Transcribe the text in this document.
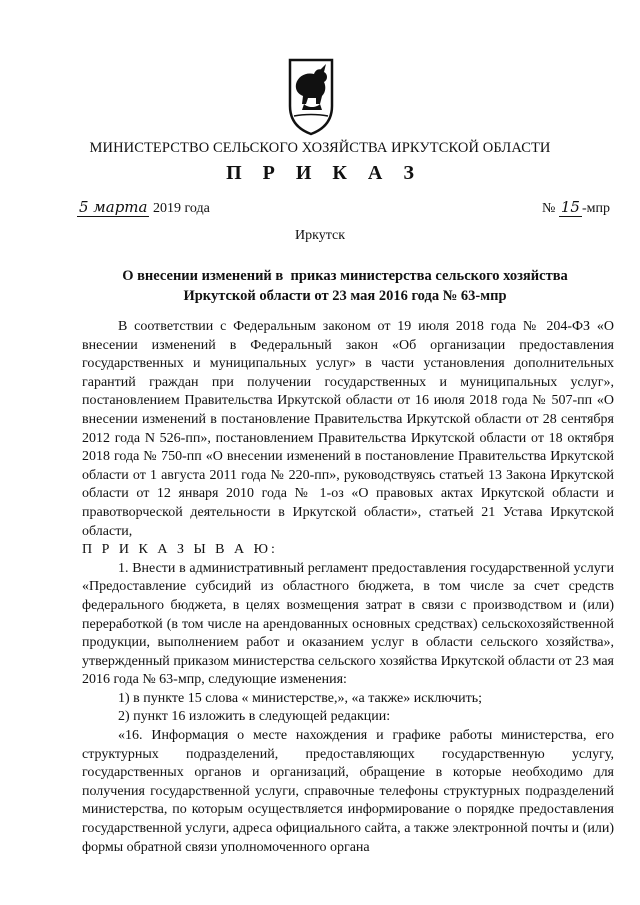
МИНИСТЕРСТВО СЕЛЬСКОГО ХОЗЯЙСТВА ИРКУТСКОЙ ОБЛАСТИ
П Р И К А З
5 марта 2019 года	№ 15 -мпр
Иркутск
О внесении изменений в  приказ министерства сельского хозяйства
Иркутской области от 23 мая 2016 года № 63-мпр

В соответствии с Федеральным законом от 19 июля 2018 года № 204-ФЗ «О внесении изменений в Федеральный закон «Об организации предоставления государственных и муниципальных услуг» в части установления дополнительных гарантий граждан при получении государственных и муниципальных услуг», постановлением Правительства Иркутской области от 16 июля 2018 года № 507-пп «О внесении изменений в постановление Правительства Иркутской области от 28 сентября 2012 года N 526-пп», постановлением Правительства Иркутской области от 18 октября 2018 года № 750-пп «О внесении изменений в постановление Правительства Иркутской области от 1 августа 2011 года № 220-пп», руководствуясь статьей 13 Закона Иркутской области от 12 января 2010 года № 1-оз «О правовых актах Иркутской области и правотворческой деятельности в Иркутской области», статьей 21 Устава Иркутской области,

П Р И К А З Ы В А Ю:

1. Внести в административный регламент предоставления государственной услуги «Предоставление субсидий из областного бюджета, в том числе за счет средств федерального бюджета, в целях возмещения затрат в связи с производством и (или) переработкой (в том числе на арендованных основных средствах) сельскохозяйственной продукции, выполнением работ и оказанием услуг в области сельского хозяйства», утвержденный приказом министерства сельского хозяйства Иркутской области от 23 мая 2016 года № 63-мпр, следующие изменения:

1) в пункте 15 слова « министерстве,», «а также» исключить;

2) пункт 16 изложить в следующей редакции:

«16. Информация о месте нахождения и графике работы министерства, его структурных подразделений, предоставляющих государственную услугу, государственных органов и организаций, обращение в которые необходимо для получения государственной услуги, справочные телефоны структурных подразделений министерства, по которым осуществляется информирование о порядке предоставления государственной услуги, адреса официального сайта, а также электронной почты и (или) формы обратной связи уполномоченного органа
